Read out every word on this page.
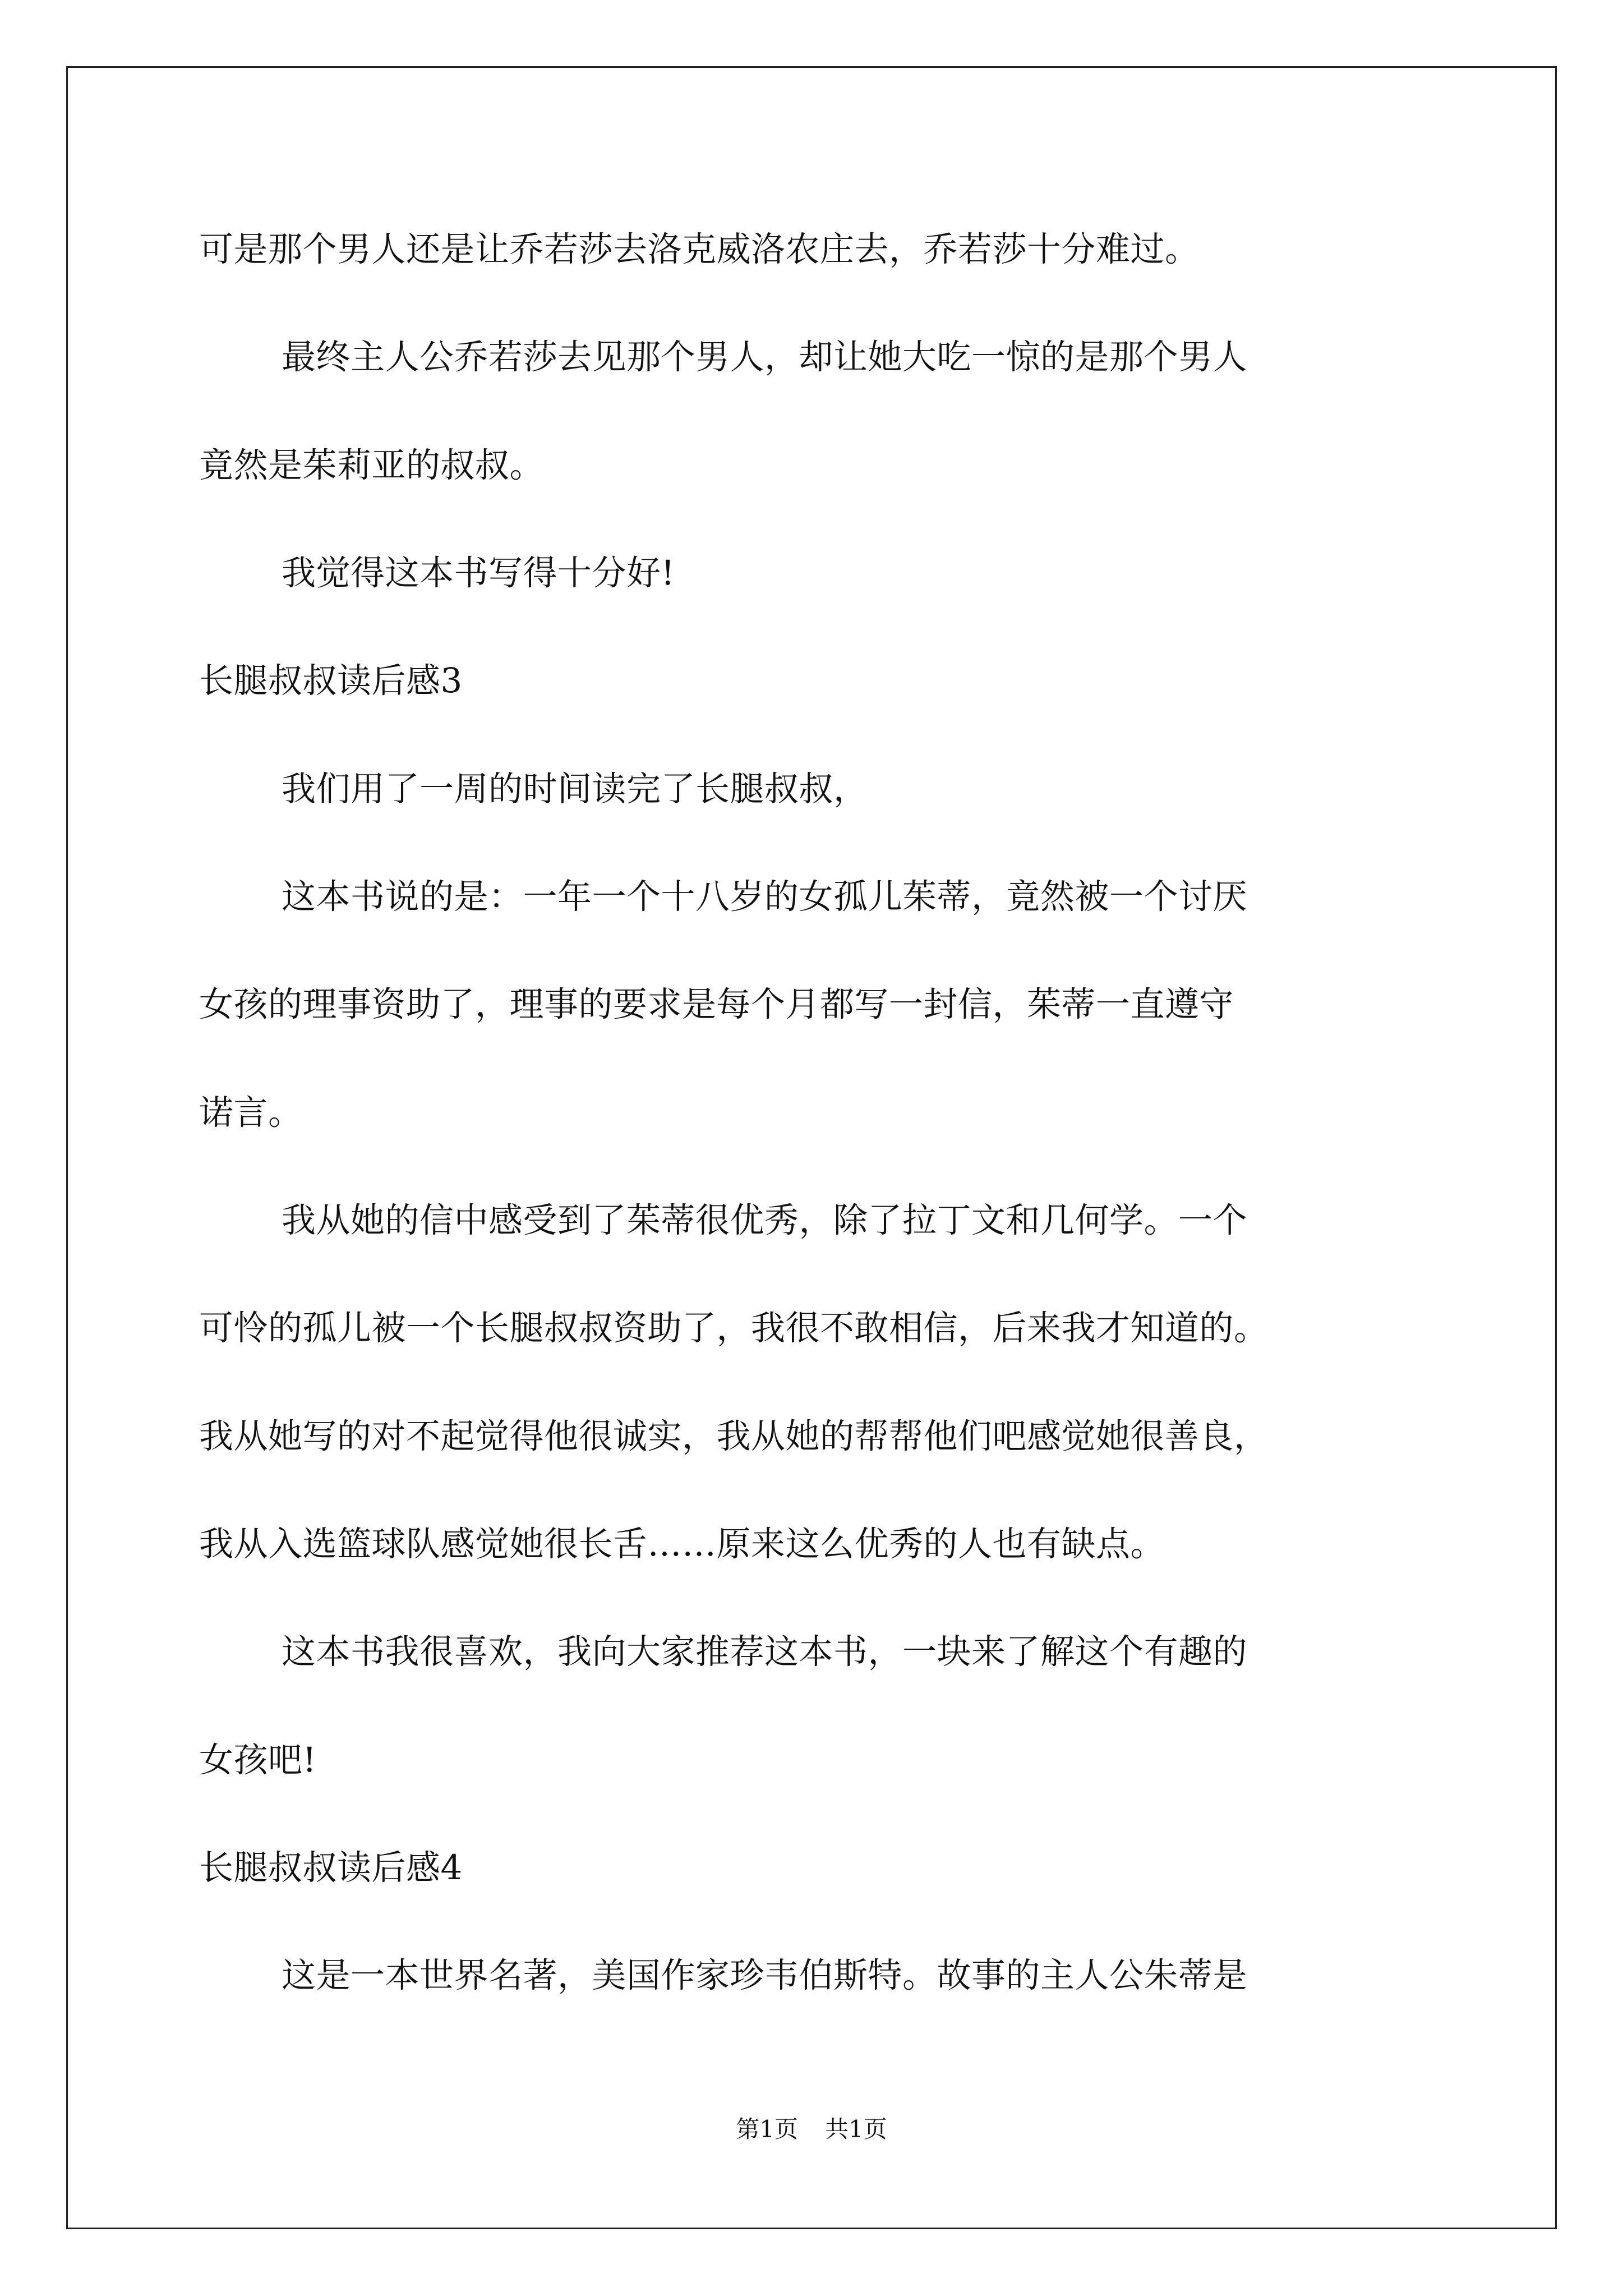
可是那个男人还是让乔若莎去洛克威洛农庄去，乔若莎十分难过。
最终主人公乔若莎去见那个男人，却让她大吃一惊的是那个男人
竟然是茱莉亚的叔叔。
我觉得这本书写得十分好!
长腿叔叔读后感3
我们用了一周的时间读完了长腿叔叔，
这本书说的是：一年一个十八岁的女孤儿茱蒂，竟然被一个讨厌
女孩的理事资助了，理事的要求是每个月都写一封信，茱蒂一直遵守
诺言。
我从她的信中感受到了茱蒂很优秀，除了拉丁文和几何学。一个
可怜的孤儿被一个长腿叔叔资助了，我很不敢相信，后来我才知道的。
我从她写的对不起觉得他很诚实，我从她的帮帮他们吧感觉她很善良，
我从入选篮球队感觉她很长舌……原来这么优秀的人也有缺点。
这本书我很喜欢，我向大家推荐这本书，一块来了解这个有趣的
女孩吧!
长腿叔叔读后感4
这是一本世界名著，美国作家珍韦伯斯特。故事的主人公朱蒂是
第1页 共1页
